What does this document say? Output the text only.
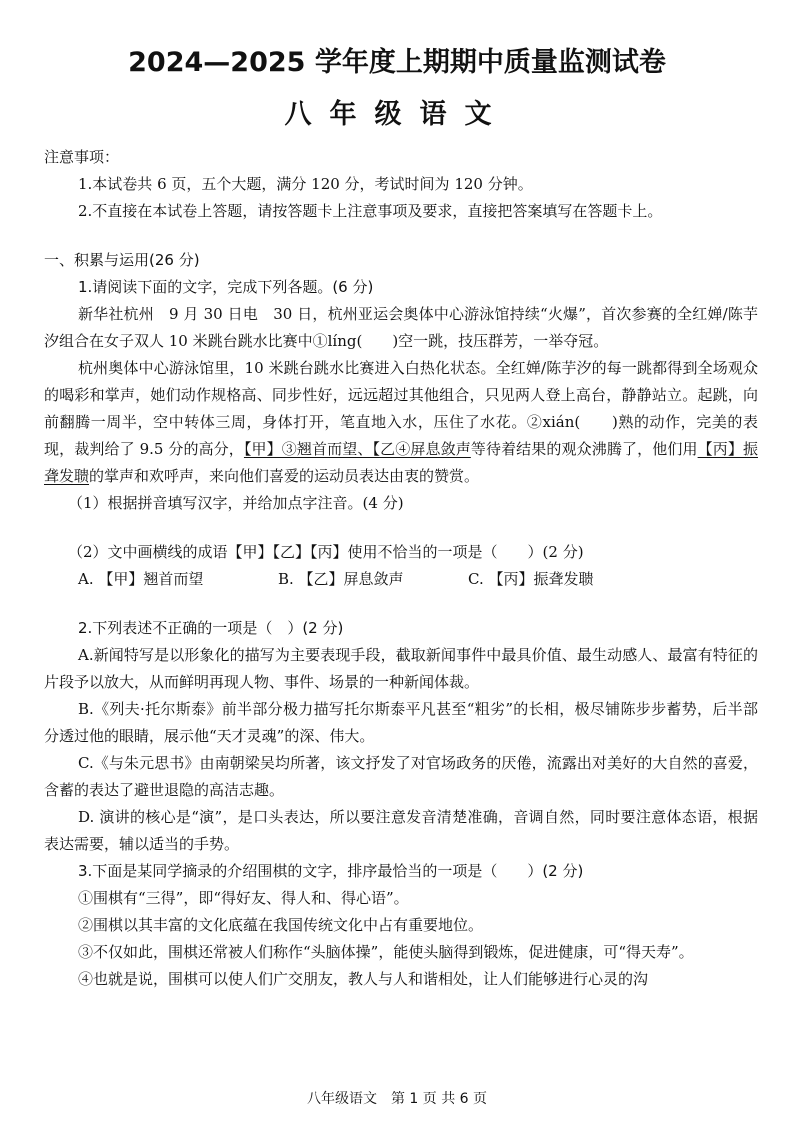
2024—2025 学年度上期期中质量监测试卷
八年级语文

注意事项：

1.本试卷共 6 页，五个大题，满分 120 分，考试时间为 120 分钟。

2.不直接在本试卷上答题，请按答题卡上注意事项及要求，直接把答案填写在答题卡上。

一、积累与运用(26 分)

1.请阅读下面的文字，完成下列各题。(6 分)

新华社杭州　9 月 30 日电　30 日，杭州亚运会奥体中心游泳馆持续“火爆”，首次参赛的全红婵/陈芋汐组合在女子双人 10 米跳台跳水比赛中①líng(　　)空一跳，技压群芳，一举夺冠。

杭州奥体中心游泳馆里，10 米跳台跳水比赛进入白热化状态。全红婵/陈芋汐的每一跳都得到全场观众的喝彩和掌声，她们动作规格高、同步性好，远远超过其他组合，只见两人登上高台，静静站立。起跳，向前翻腾一周半，空中转体三周，身体打开，笔直地入水，压住了水花。②xián(　　)熟的动作，完美的表现，裁判给了 9.5 分的高分，【甲】③翘首而望、【乙④屏息敛声等待着结果的观众沸腾了，他们用【丙】振聋发聩的掌声和欢呼声，来向他们喜爱的运动员表达由衷的赞赏。

（1）根据拼音填写汉字，并给加点字注音。(4 分)

（2）文中画横线的成语【甲】【乙】【丙】使用不恰当的一项是（　　）(2 分)

A. 【甲】翘首而望	B. 【乙】屏息敛声	C. 【丙】振聋发聩

2.下列表述不正确的一项是（　）(2 分)

A.新闻特写是以形象化的描写为主要表现手段，截取新闻事件中最具价值、最生动感人、最富有特征的片段予以放大，从而鲜明再现人物、事件、场景的一种新闻体裁。

B.《列夫·托尔斯泰》前半部分极力描写托尔斯泰平凡甚至“粗劣”的长相，极尽铺陈步步蓄势，后半部分透过他的眼睛，展示他“天才灵魂”的深、伟大。

C.《与朱元思书》由南朝梁吴均所著，该文抒发了对官场政务的厌倦，流露出对美好的大自然的喜爱，含蓄的表达了避世退隐的高洁志趣。

D. 演讲的核心是“演”，是口头表达，所以要注意发音清楚准确，音调自然，同时要注意体态语，根据表达需要，辅以适当的手势。

3.下面是某同学摘录的介绍围棋的文字，排序最恰当的一项是（　　）(2 分)

①围棋有“三得”，即“得好友、得人和、得心语”。

②围棋以其丰富的文化底蕴在我国传统文化中占有重要地位。

③不仅如此，围棋还常被人们称作“头脑体操”，能使头脑得到锻炼，促进健康，可“得天寿”。

④也就是说，围棋可以使人们广交朋友，教人与人和谐相处，让人们能够进行心灵的沟

八年级语文　第 1 页 共 6 页
